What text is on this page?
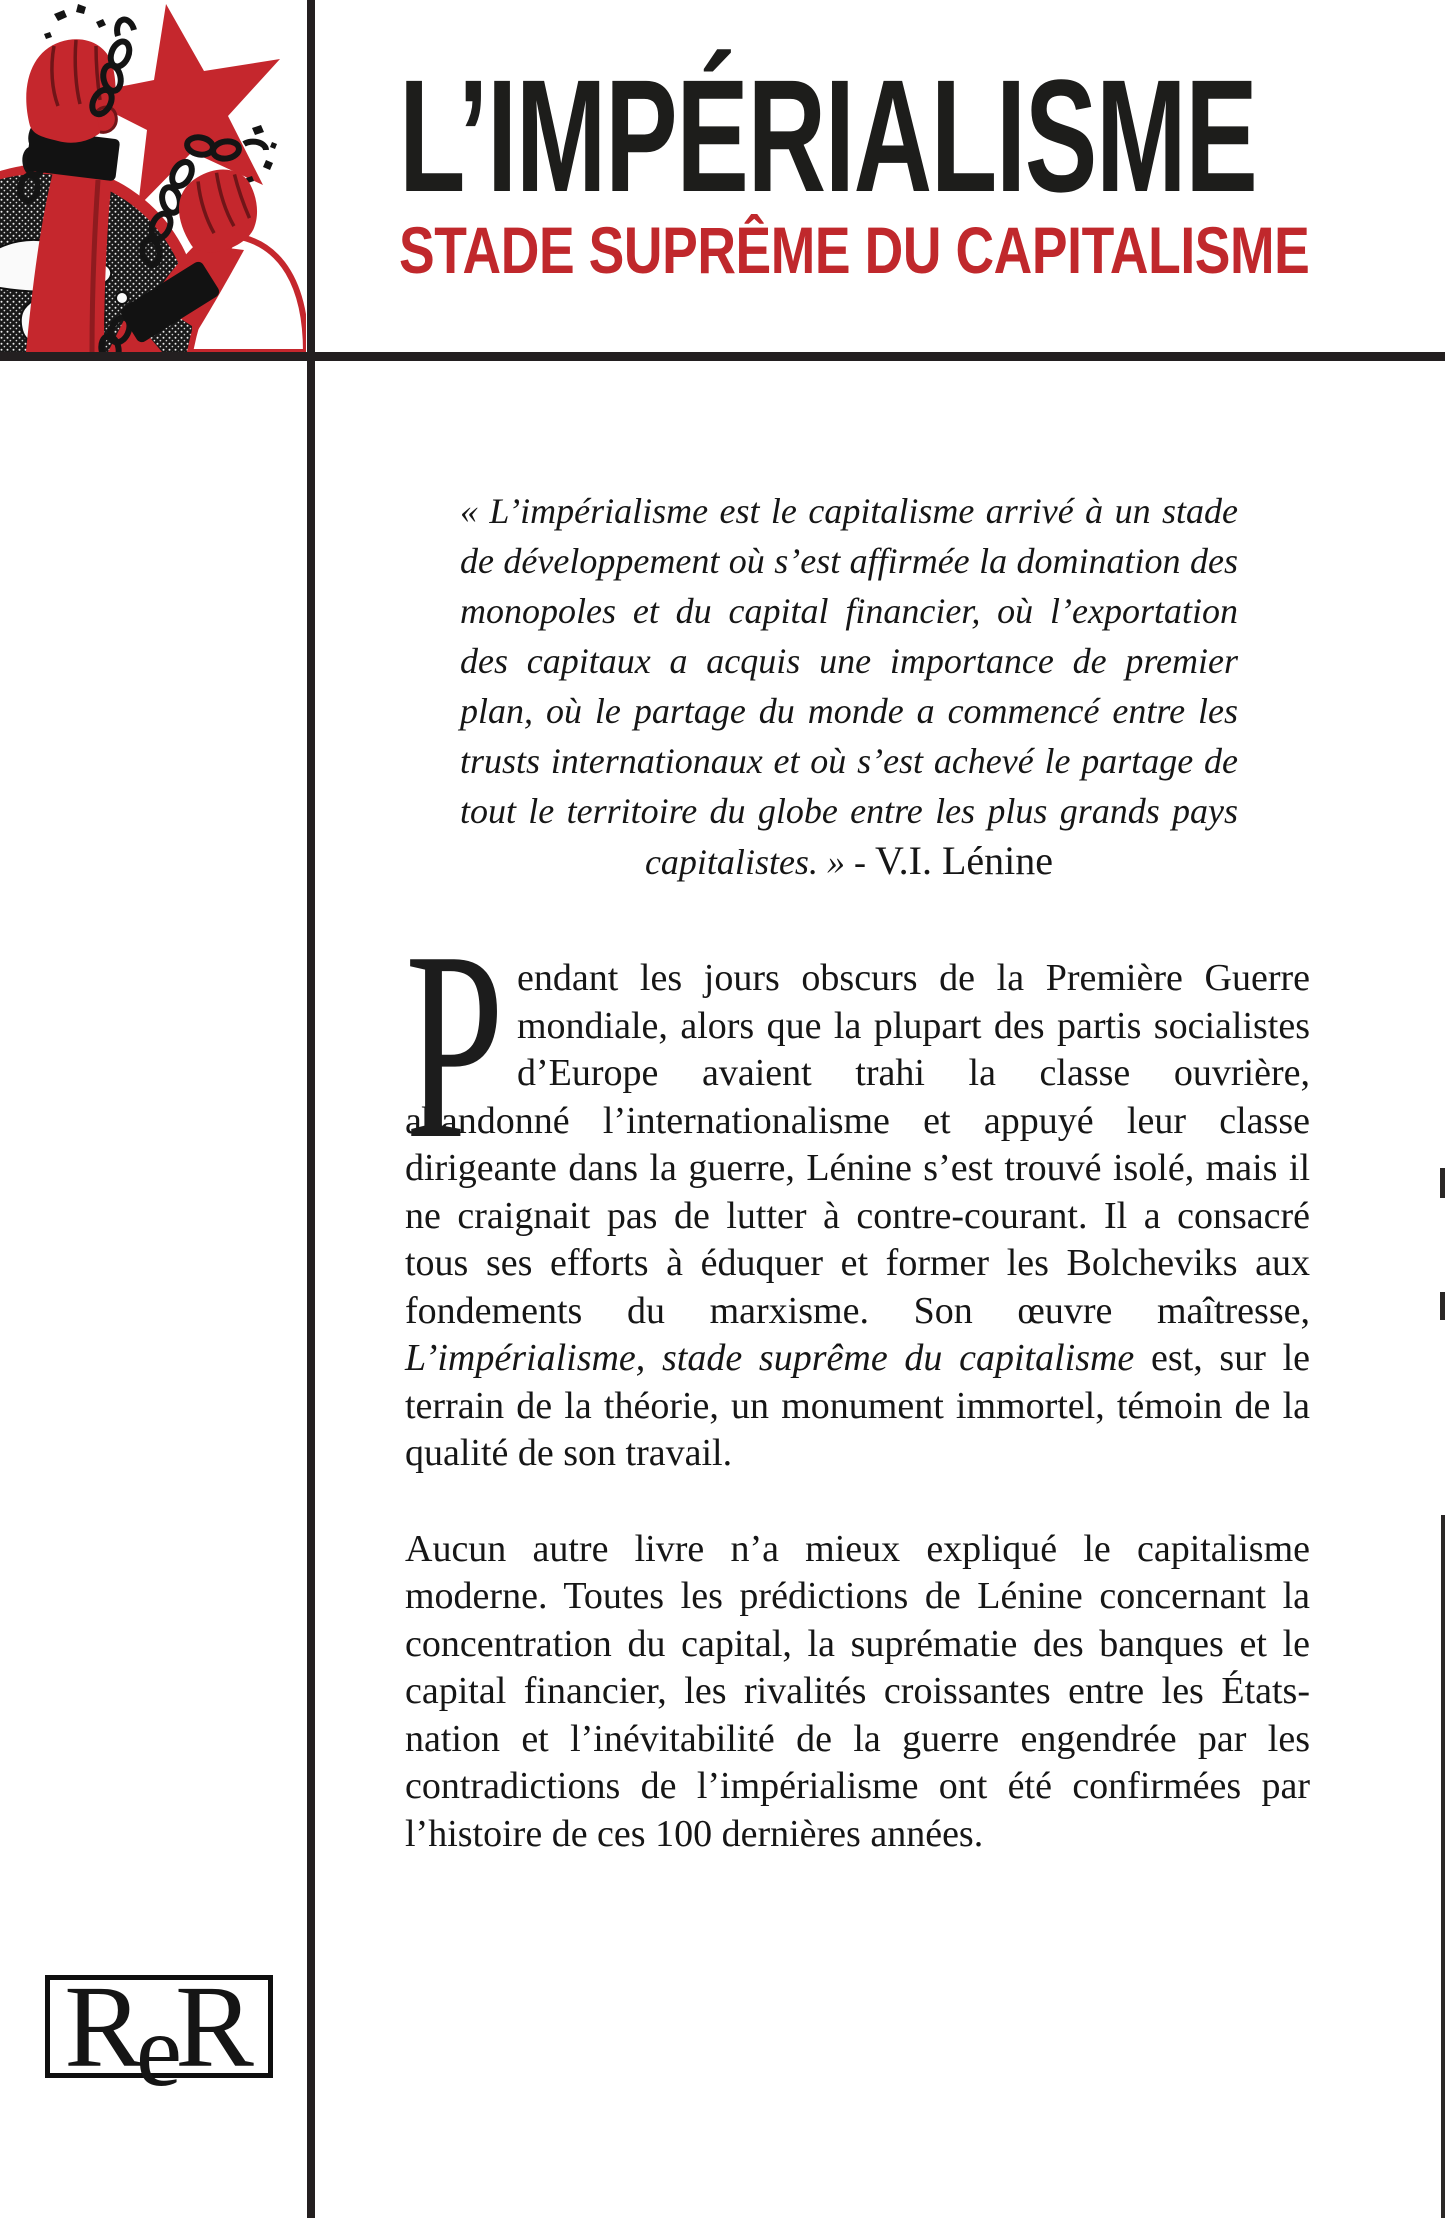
L’IMPÉRIALISME
STADE SUPRÊME DU CAPITALISME

« L’impérialisme est le capitalisme arrivé à un stade de développement où s’est affirmée la domination des monopoles et du capital financier, où l’exportation des capitaux a acquis une importance de premier plan, où le partage du monde a commencé entre les trusts internationaux et où s’est achevé le partage de tout le territoire du globe entre les plus grands pays capitalistes. » - V.I. Lénine

P endant les jours obscurs de la Première Guerre mondiale, alors que la plupart des partis socialistes d’Europe avaient trahi la classe ouvrière, abandonné l’internationalisme et appuyé leur classe dirigeante dans la guerre, Lénine s’est trouvé isolé, mais il ne craignait pas de lutter à contre-courant. Il a consacré tous ses efforts à éduquer et former les Bolcheviks aux fondements du marxisme. Son œuvre maîtresse, L’impérialisme, stade suprême du capitalisme est, sur le terrain de la théorie, un monument immortel, témoin de la qualité de son travail.

Aucun autre livre n’a mieux expliqué le capitalisme moderne. Toutes les prédictions de Lénine concernant la concentration du capital, la suprématie des banques et le capital financier, les rivalités croissantes entre les États-nation et l’inévitabilité de la guerre engendrée par les contradictions de l’impérialisme ont été confirmées par l’histoire de ces 100 dernières années.

ReR
